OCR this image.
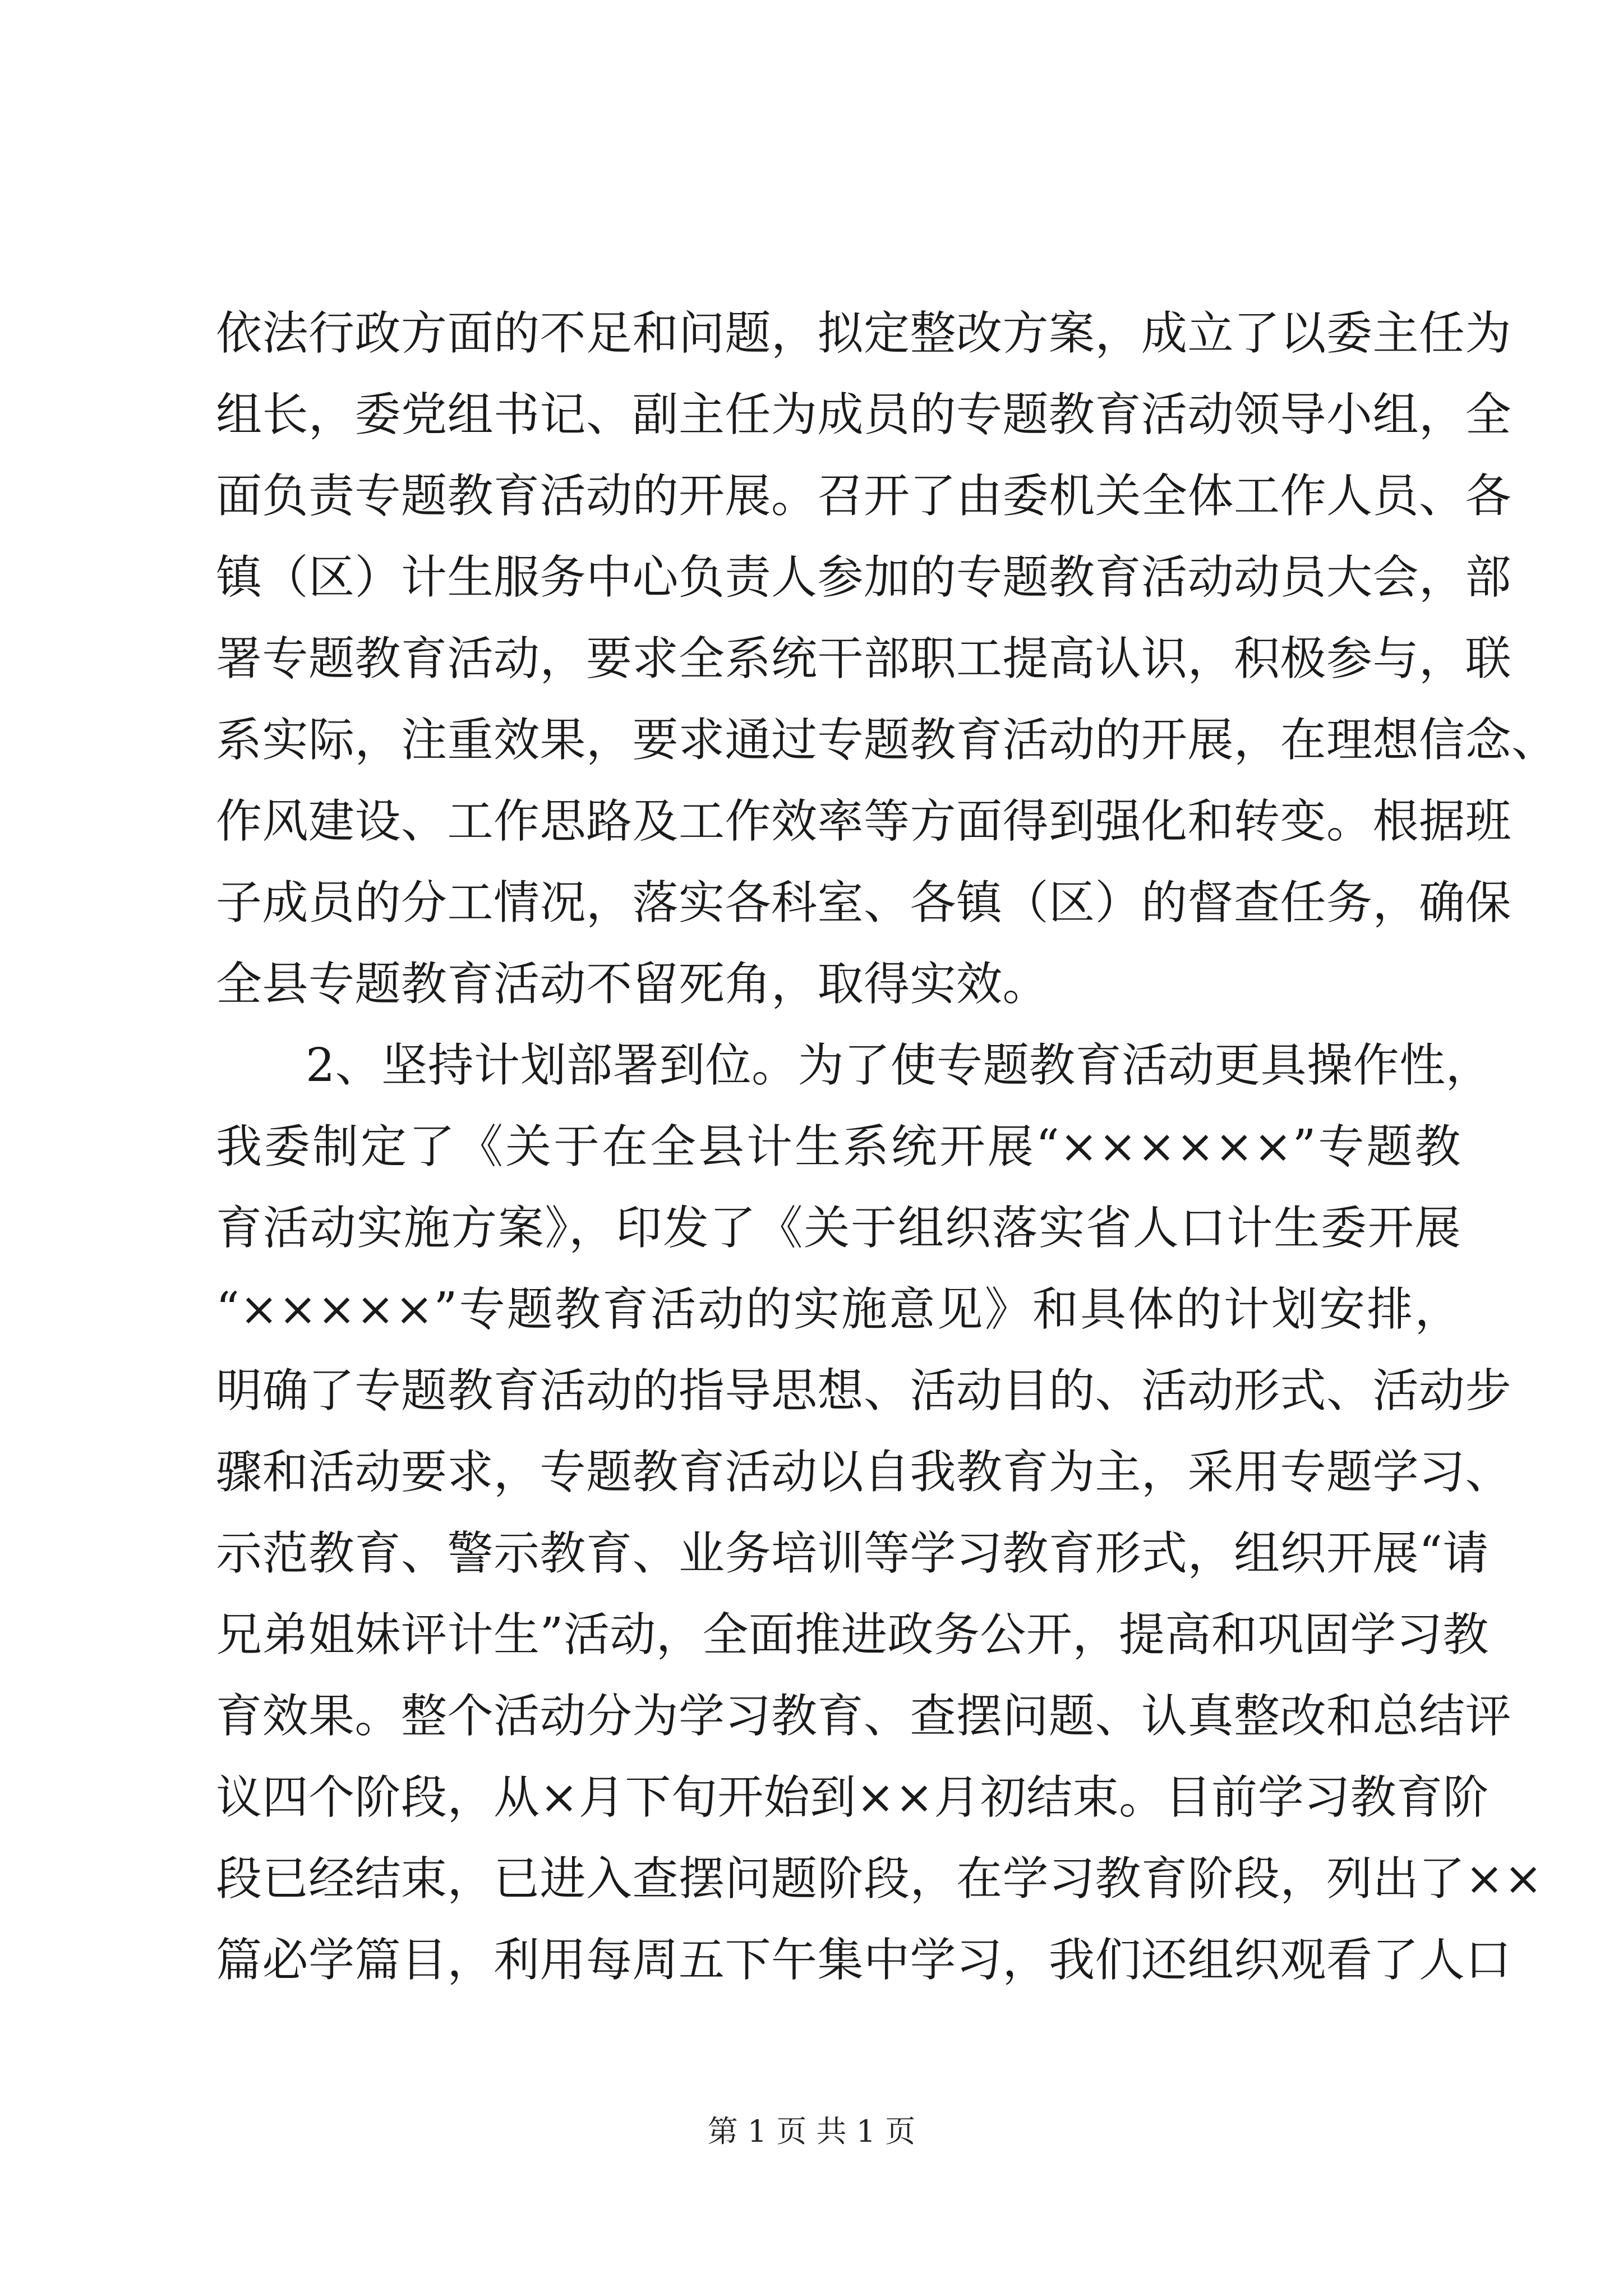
依法行政方面的不足和问题，拟定整改方案，成立了以委主任为
组长，委党组书记、副主任为成员的专题教育活动领导小组，全
面负责专题教育活动的开展。召开了由委机关全体工作人员、各
镇（区）计生服务中心负责人参加的专题教育活动动员大会，部
署专题教育活动，要求全系统干部职工提高认识，积极参与，联
系实际，注重效果，要求通过专题教育活动的开展，在理想信念、
作风建设、工作思路及工作效率等方面得到强化和转变。根据班
子成员的分工情况，落实各科室、各镇（区）的督查任务，确保
全县专题教育活动不留死角，取得实效。
2、坚持计划部署到位。为了使专题教育活动更具操作性，
我委制定了《关于在全县计生系统开展“××××××”专题教
育活动实施方案》，印发了《关于组织落实省人口计生委开展
“×××××”专题教育活动的实施意见》和具体的计划安排，
明确了专题教育活动的指导思想、活动目的、活动形式、活动步
骤和活动要求，专题教育活动以自我教育为主，采用专题学习、
示范教育、警示教育、业务培训等学习教育形式，组织开展“请
兄弟姐妹评计生”活动，全面推进政务公开，提高和巩固学习教
育效果。整个活动分为学习教育、查摆问题、认真整改和总结评
议四个阶段，从×月下旬开始到××月初结束。目前学习教育阶
段已经结束，已进入查摆问题阶段，在学习教育阶段，列出了××
篇必学篇目，利用每周五下午集中学习，我们还组织观看了人口
第 1 页 共 1 页
